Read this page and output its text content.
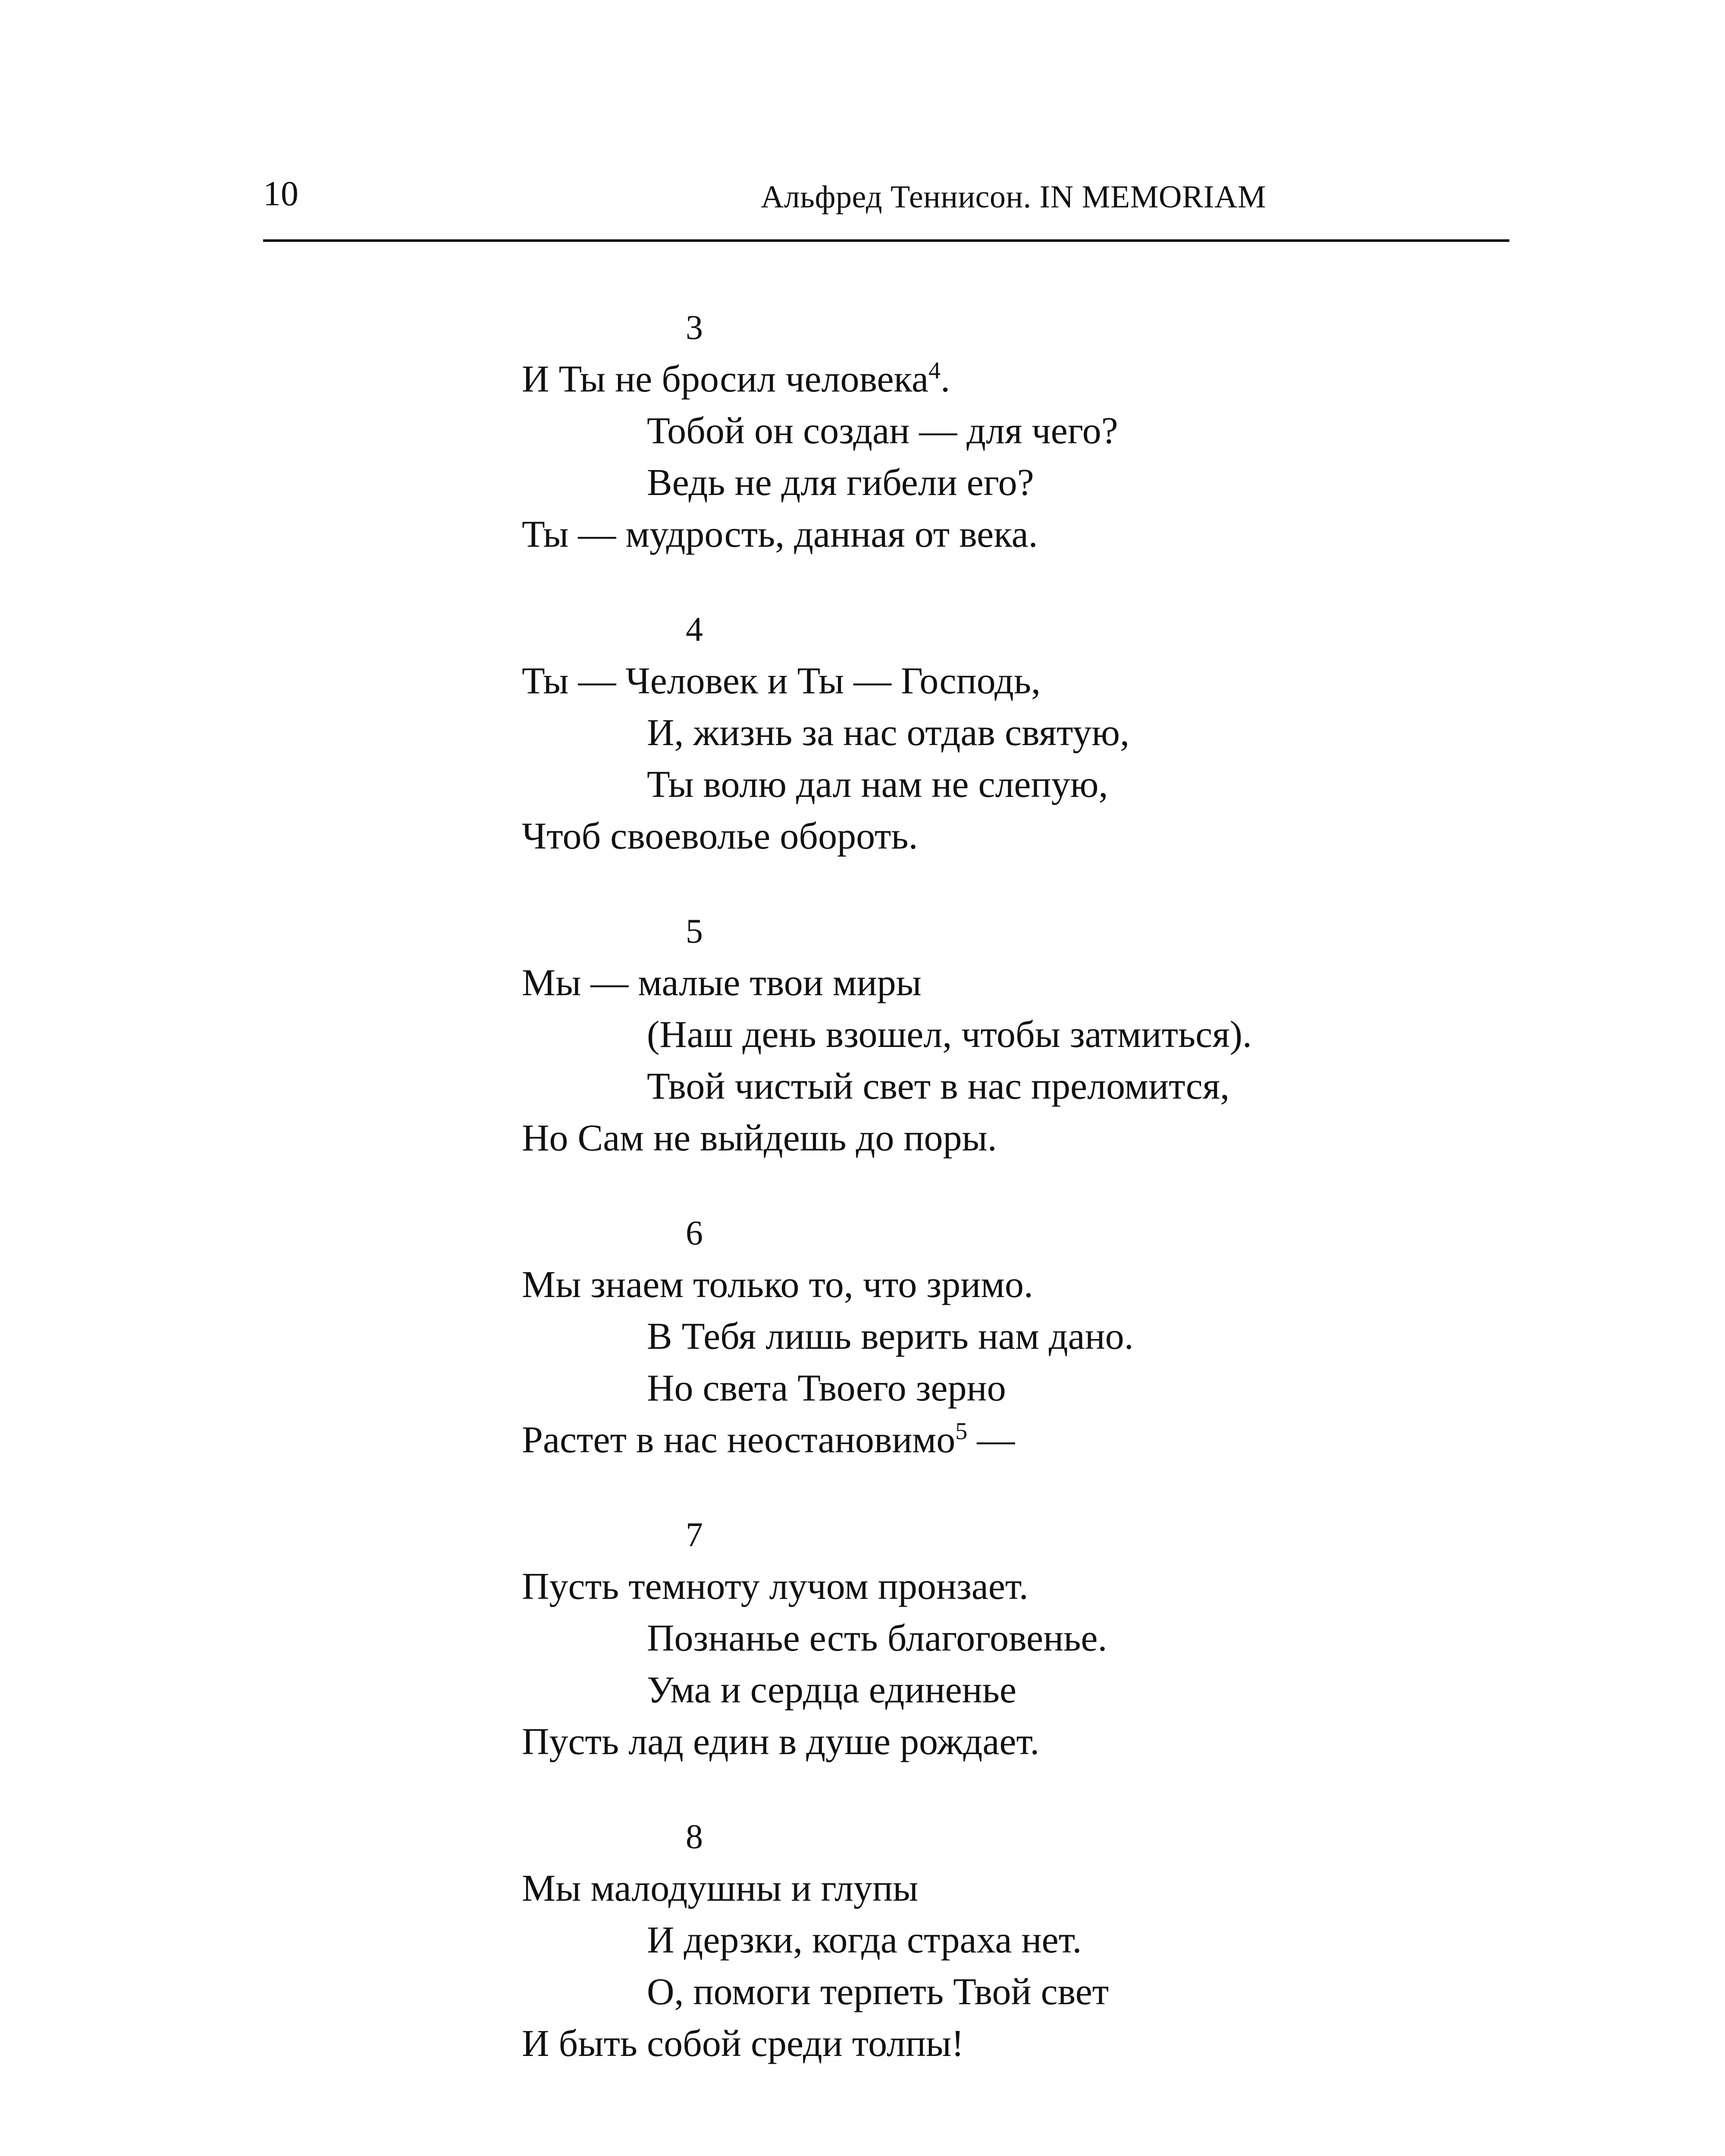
10	Альфред Теннисон. IN MEMORIAM
3
И Ты не бросил человека$^4$.
Тобой он создан — для чего?
Ведь не для гибели его?
Ты — мудрость, данная от века.
4
Ты — Человек и Ты — Господь,
И, жизнь за нас отдав святую,
Ты волю дал нам не слепую,
Чтоб своеволье обороть.
5
Мы — малые твои миры
(Наш день взошел, чтобы затмиться).
Твой чистый свет в нас преломится,
Но Сам не выйдешь до поры.
6
Мы знаем только то, что зримо.
В Тебя лишь верить нам дано.
Но света Твоего зерно
Растет в нас неостановимо$^5$ —
7
Пусть темноту лучом пронзает.
Познанье есть благоговенье.
Ума и сердца единенье
Пусть лад един в душе рождает.
8
Мы малодушны и глупы
И дерзки, когда страха нет.
О, помоги терпеть Твой свет
И быть собой среди толпы!
